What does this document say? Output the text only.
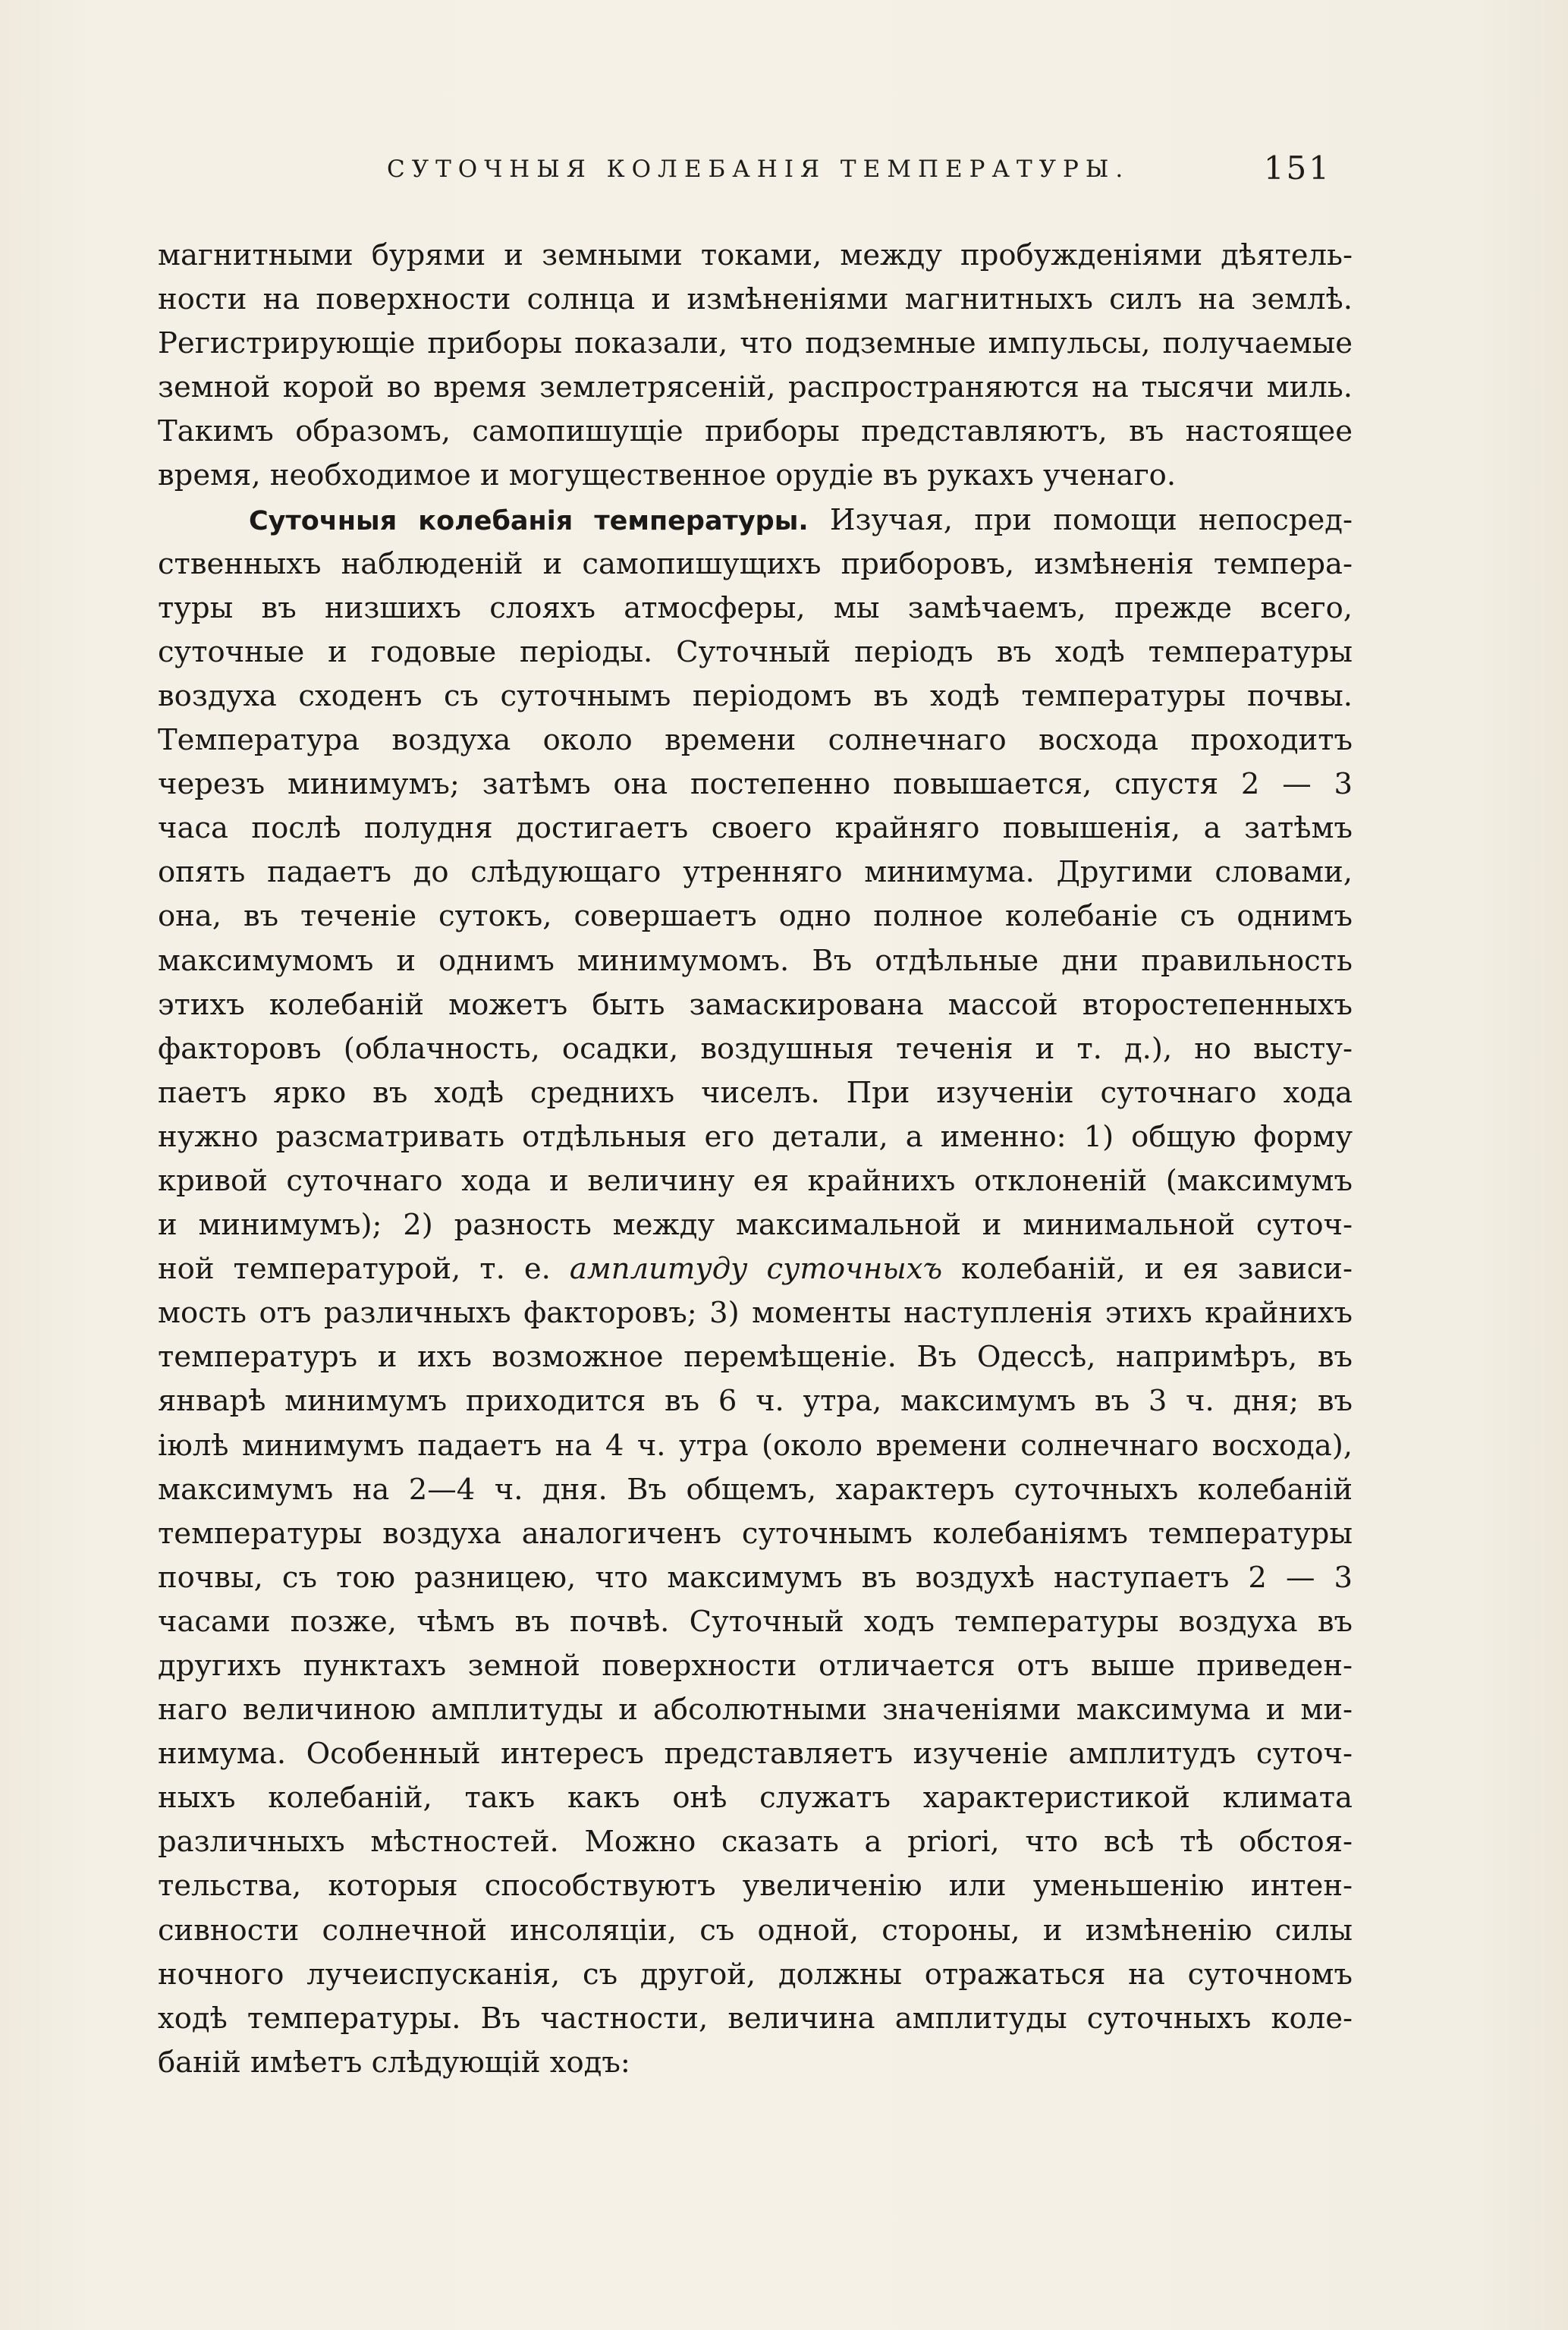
СУТОЧНЫЯ КОЛЕБАНІЯ ТЕМПЕРАТУРЫ.	151
магнитными бурями и земными токами, между пробужденіями дѣятель-
ности на поверхности солнца и измѣненіями магнитныхъ силъ на землѣ.
Регистрирующіе приборы показали, что подземные импульсы, получаемые
земной корой во время землетрясеній, распространяются на тысячи миль.
Такимъ образомъ, самопишущіе приборы представляютъ, въ настоящее
время, необходимое и могущественное орудіе въ рукахъ ученаго.
Суточныя колебанія температуры. Изучая, при помощи непосред-
ственныхъ наблюденій и самопишущихъ приборовъ, измѣненія темпера-
туры въ низшихъ слояхъ атмосферы, мы замѣчаемъ, прежде всего,
суточные и годовые періоды. Суточный періодъ въ ходѣ температуры
воздуха сходенъ съ суточнымъ періодомъ въ ходѣ температуры почвы.
Температура воздуха около времени солнечнаго восхода проходитъ
черезъ минимумъ; затѣмъ она постепенно повышается, спустя 2 — 3
часа послѣ полудня достигаетъ своего крайняго повышенія, а затѣмъ
опять падаетъ до слѣдующаго утренняго минимума. Другими словами,
она, въ теченіе сутокъ, совершаетъ одно полное колебаніе съ однимъ
максимумомъ и однимъ минимумомъ. Въ отдѣльные дни правильность
этихъ колебаній можетъ быть замаскирована массой второстепенныхъ
факторовъ (облачность, осадки, воздушныя теченія и т. д.), но высту-
паетъ ярко въ ходѣ среднихъ чиселъ. При изученіи суточнаго хода
нужно разсматривать отдѣльныя его детали, а именно: 1) общую форму
кривой суточнаго хода и величину ея крайнихъ отклоненій (максимумъ
и минимумъ); 2) разность между максимальной и минимальной суточ-
ной температурой, т. е. амплитуду суточныхъ колебаній, и ея зависи-
мость отъ различныхъ факторовъ; 3) моменты наступленія этихъ крайнихъ
температуръ и ихъ возможное перемѣщеніе. Въ Одессѣ, напримѣръ, въ
январѣ минимумъ приходится въ 6 ч. утра, максимумъ въ 3 ч. дня; въ
іюлѣ минимумъ падаетъ на 4 ч. утра (около времени солнечнаго восхода),
максимумъ на 2—4 ч. дня. Въ общемъ, характеръ суточныхъ колебаній
температуры воздуха аналогиченъ суточнымъ колебаніямъ температуры
почвы, съ тою разницею, что максимумъ въ воздухѣ наступаетъ 2 — 3
часами позже, чѣмъ въ почвѣ. Суточный ходъ температуры воздуха въ
другихъ пунктахъ земной поверхности отличается отъ выше приведен-
наго величиною амплитуды и абсолютными значеніями максимума и ми-
нимума. Особенный интересъ представляетъ изученіе амплитудъ суточ-
ныхъ колебаній, такъ какъ онѣ служатъ характеристикой климата
различныхъ мѣстностей. Можно сказать a priori, что всѣ тѣ обстоя-
тельства, которыя способствуютъ увеличенію или уменьшенію интен-
сивности солнечной инсоляціи, съ одной, стороны, и измѣненію силы
ночного лучеиспусканія, съ другой, должны отражаться на суточномъ
ходѣ температуры. Въ частности, величина амплитуды суточныхъ коле-
баній имѣетъ слѣдующій ходъ:
